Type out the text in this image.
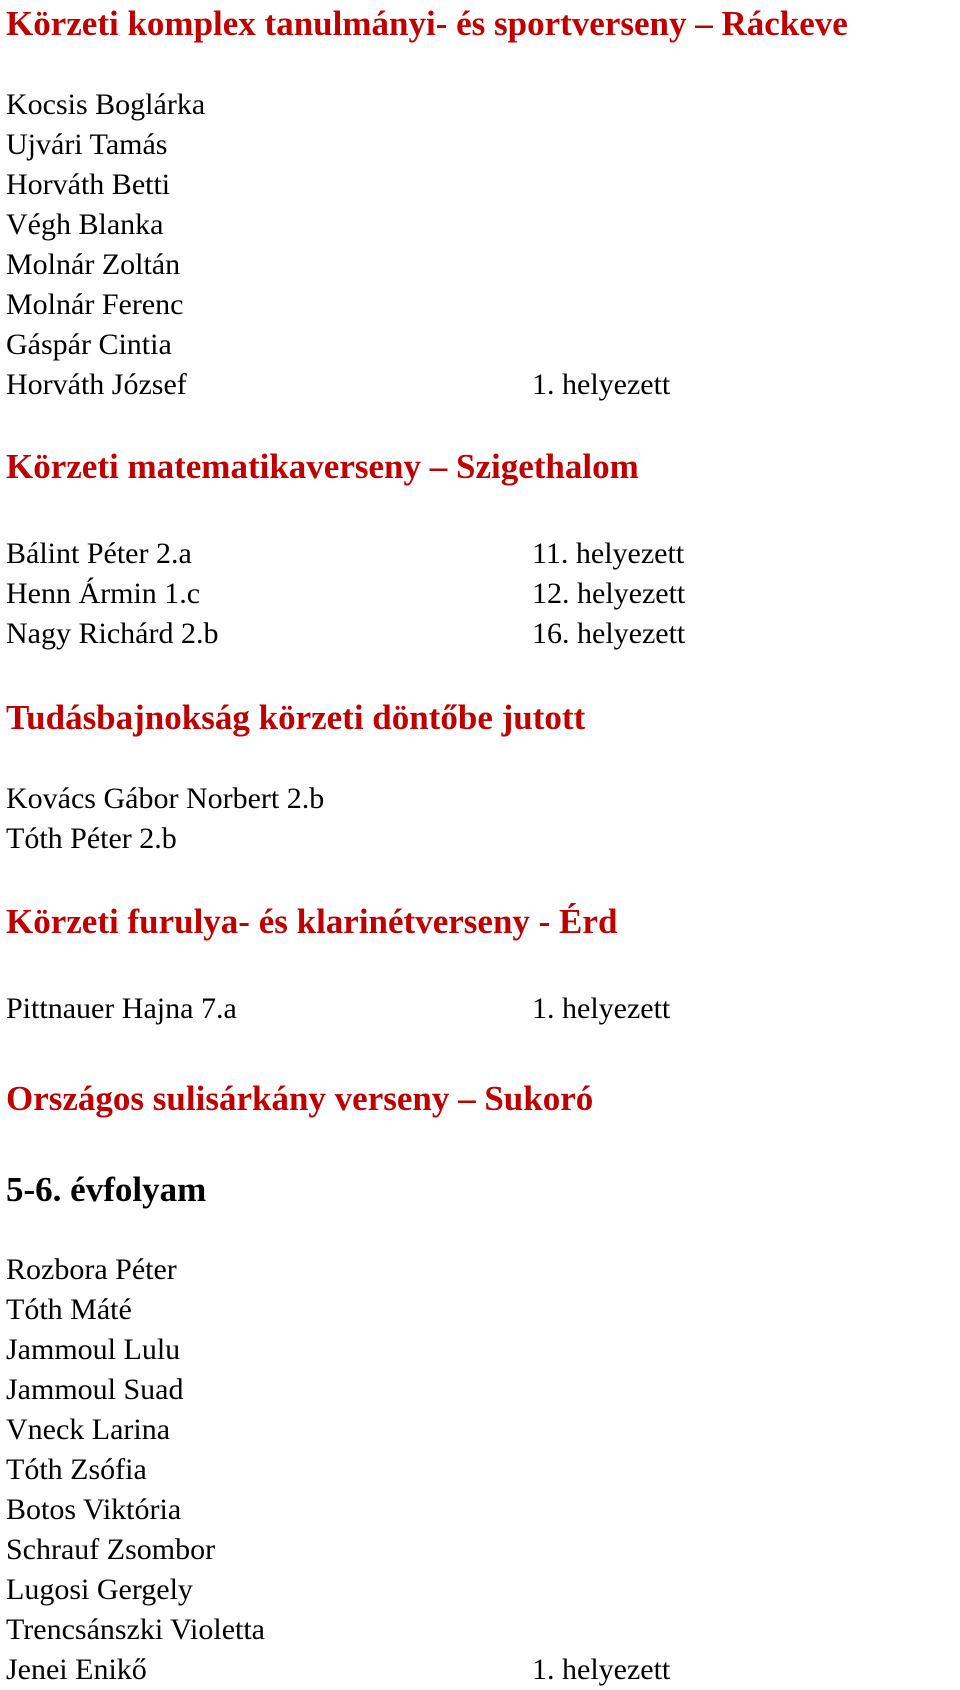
Körzeti komplex tanulmányi- és sportverseny – Ráckeve
Kocsis Boglárka
Ujvári Tamás
Horváth Betti
Végh Blanka
Molnár Zoltán
Molnár Ferenc
Gáspár Cintia
Horváth József	1. helyezett
Körzeti matematikaverseny – Szigethalom
Bálint Péter 2.a	11. helyezett
Henn Ármin 1.c	12. helyezett
Nagy Richárd 2.b	16. helyezett
Tudásbajnokság körzeti döntőbe jutott
Kovács Gábor Norbert 2.b
Tóth Péter 2.b
Körzeti furulya- és klarinétverseny - Érd
Pittnauer Hajna 7.a	1. helyezett
Országos sulisárkány verseny – Sukoró
5-6. évfolyam
Rozbora Péter
Tóth Máté
Jammoul Lulu
Jammoul Suad
Vneck Larina
Tóth Zsófia
Botos Viktória
Schrauf Zsombor
Lugosi Gergely
Trencsánszki Violetta
Jenei Enikő	1. helyezett
